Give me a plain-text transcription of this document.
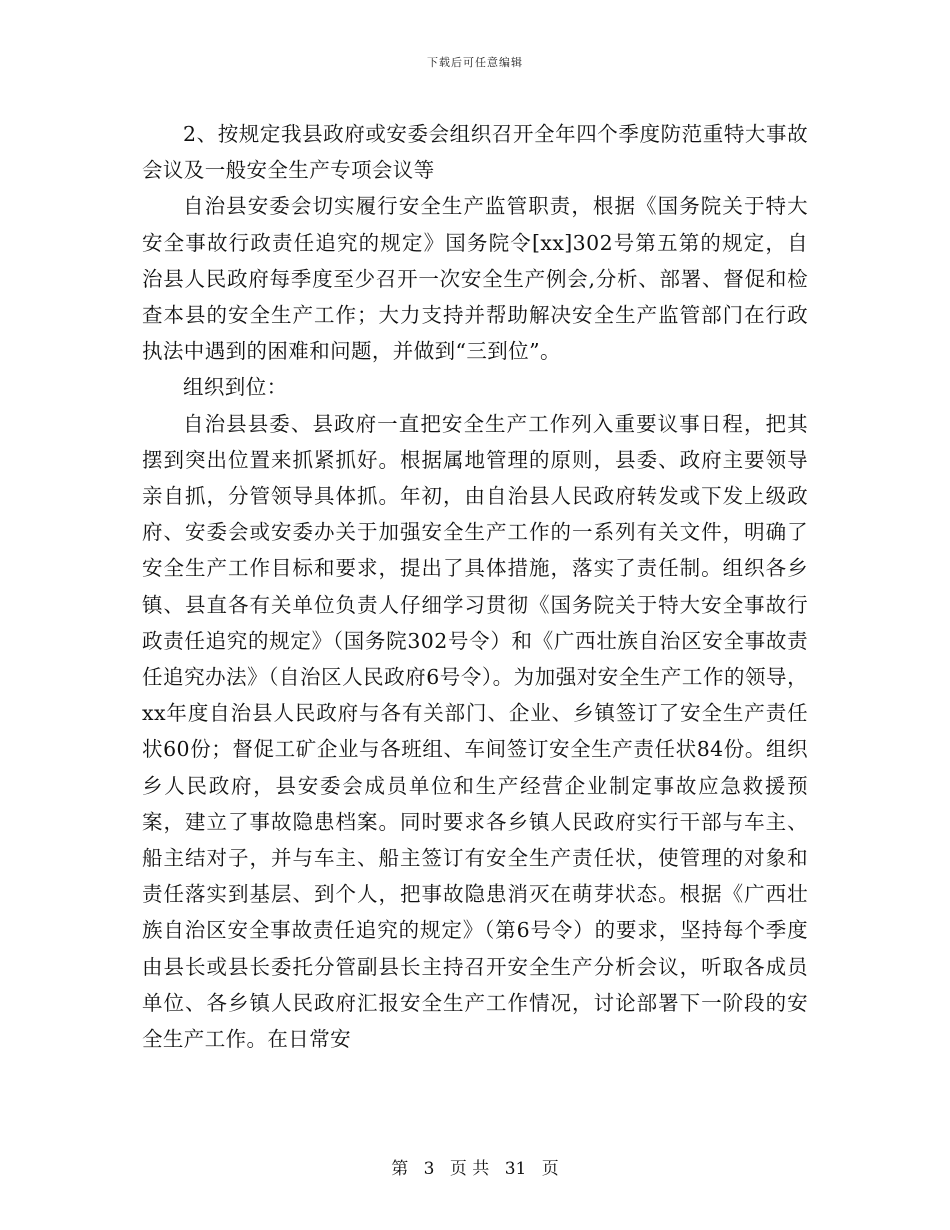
下载后可任意编辑

2、按规定我县政府或安委会组织召开全年四个季度防范重特大事故会议及一般安全生产专项会议等

自治县安委会切实履行安全生产监管职责，根据《国务院关于特大安全事故行政责任追究的规定》国务院令[xx]302号第五第的规定，自治县人民政府每季度至少召开一次安全生产例会,分析、部署、督促和检查本县的安全生产工作；大力支持并帮助解决安全生产监管部门在行政执法中遇到的困难和问题，并做到“三到位”。

组织到位：

自治县县委、县政府一直把安全生产工作列入重要议事日程，把其摆到突出位置来抓紧抓好。根据属地管理的原则，县委、政府主要领导亲自抓，分管领导具体抓。年初，由自治县人民政府转发或下发上级政府、安委会或安委办关于加强安全生产工作的一系列有关文件，明确了安全生产工作目标和要求，提出了具体措施，落实了责任制。组织各乡镇、县直各有关单位负责人仔细学习贯彻《国务院关于特大安全事故行政责任追究的规定》（国务院302号令）和《广西壮族自治区安全事故责任追究办法》（自治区人民政府6号令）。为加强对安全生产工作的领导，xx年度自治县人民政府与各有关部门、企业、乡镇签订了安全生产责任状60份；督促工矿企业与各班组、车间签订安全生产责任状84份。组织乡人民政府，县安委会成员单位和生产经营企业制定事故应急救援预案，建立了事故隐患档案。同时要求各乡镇人民政府实行干部与车主、船主结对子，并与车主、船主签订有安全生产责任状，使管理的对象和责任落实到基层、到个人，把事故隐患消灭在萌芽状态。根据《广西壮族自治区安全事故责任追究的规定》（第6号令）的要求，坚持每个季度由县长或县长委托分管副县长主持召开安全生产分析会议，听取各成员单位、各乡镇人民政府汇报安全生产工作情况，讨论部署下一阶段的安全生产工作。在日常安

第 3 页 共 31 页
